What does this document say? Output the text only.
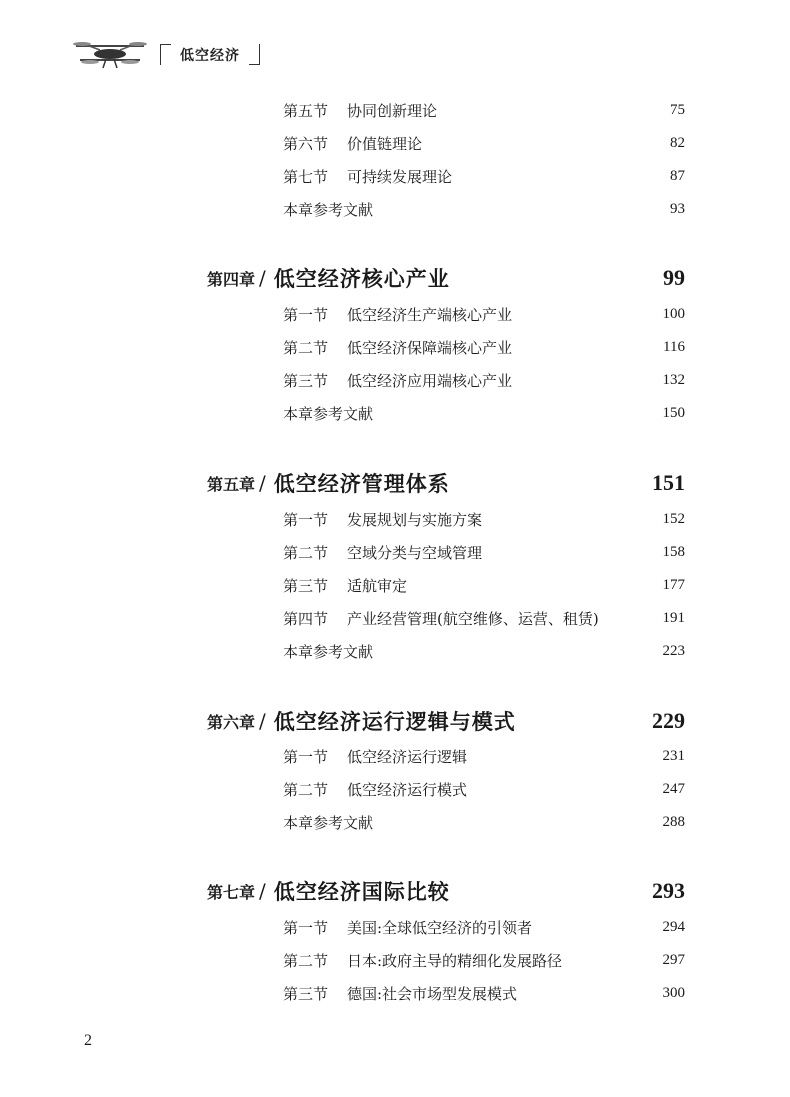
低空经济
第五节	协同创新理论	75
第六节	价值链理论	82
第七节	可持续发展理论	87
本章参考文献	93
第四章 / 低空经济核心产业	99
第一节	低空经济生产端核心产业	100
第二节	低空经济保障端核心产业	116
第三节	低空经济应用端核心产业	132
本章参考文献	150
第五章 / 低空经济管理体系	151
第一节	发展规划与实施方案	152
第二节	空域分类与空域管理	158
第三节	适航审定	177
第四节	产业经营管理(航空维修、运营、租赁)	191
本章参考文献	223
第六章 / 低空经济运行逻辑与模式	229
第一节	低空经济运行逻辑	231
第二节	低空经济运行模式	247
本章参考文献	288
第七章 / 低空经济国际比较	293
第一节	美国:全球低空经济的引领者	294
第二节	日本:政府主导的精细化发展路径	297
第三节	德国:社会市场型发展模式	300
2
